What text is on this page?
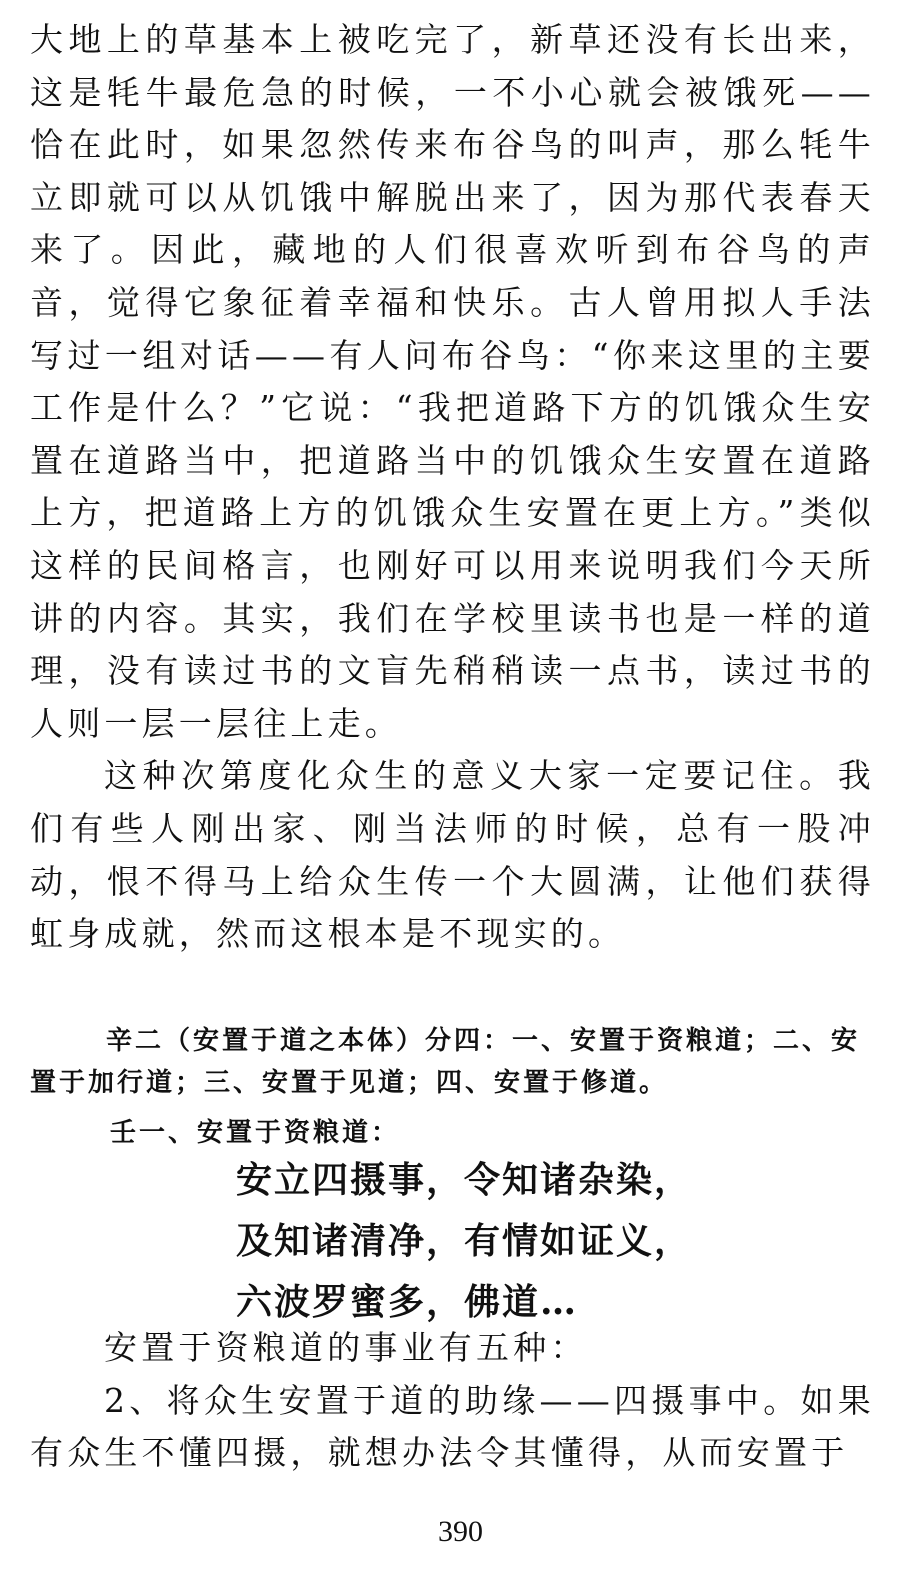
大地上的草基本上被吃完了，新草还没有长出来，这是牦牛最危急的时候，一不小心就会被饿死——恰在此时，如果忽然传来布谷鸟的叫声，那么牦牛立即就可以从饥饿中解脱出来了，因为那代表春天来了。因此，藏地的人们很喜欢听到布谷鸟的声音，觉得它象征着幸福和快乐。古人曾用拟人手法写过一组对话——有人问布谷鸟：“你来这里的主要工作是什么？”它说：“我把道路下方的饥饿众生安置在道路当中，把道路当中的饥饿众生安置在道路上方，把道路上方的饥饿众生安置在更上方。”类似这样的民间格言，也刚好可以用来说明我们今天所讲的内容。其实，我们在学校里读书也是一样的道理，没有读过书的文盲先稍稍读一点书，读过书的人则一层一层往上走。

这种次第度化众生的意义大家一定要记住。我们有些人刚出家、刚当法师的时候，总有一股冲动，恨不得马上给众生传一个大圆满，让他们获得虹身成就，然而这根本是不现实的。

辛二（安置于道之本体）分四：一、安置于资粮道；二、安置于加行道；三、安置于见道；四、安置于修道。

壬一、安置于资粮道：

安立四摄事，令知诸杂染，

及知诸清净，有情如证义，

六波罗蜜多，佛道…

安置于资粮道的事业有五种：

2、将众生安置于道的助缘——四摄事中。如果有众生不懂四摄，就想办法令其懂得，从而安置于

390
